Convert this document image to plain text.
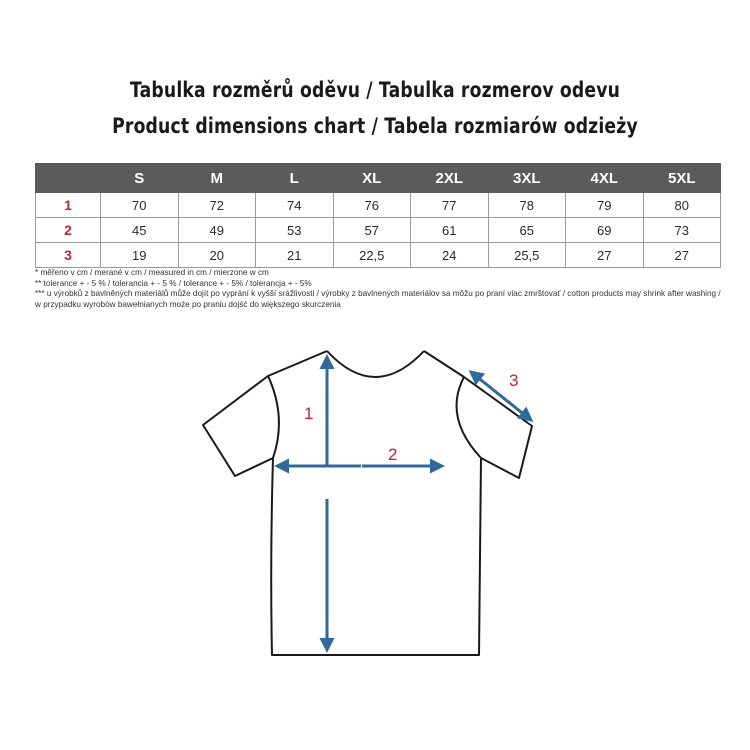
Tabulka rozměrů oděvu / Tabulka rozmerov odevu
Product dimensions chart / Tabela rozmiarów odzieży
	S	M	L	XL	2XL	3XL	4XL	5XL
1	70	72	74	76	77	78	79	80
2	45	49	53	57	61	65	69	73
3	19	20	21	22,5	24	25,5	27	27
* měřeno v cm / merané v cm / measured in cm / mierzone w cm
** tolerance + - 5 % / tolerancia + - 5 % / tolerance + - 5% / tolerancja + - 5%
*** u výrobků z bavlněných materiálů může dojít po vyprání k vyšší srážlivosti / výrobky z bavlnených materiálov sa môžu po praní viac zmrštovať / cotton products may shrink after washing / w przypadku wyrobów bawełnianych może po praniu dojść do większego skurczenia
1
2
3
